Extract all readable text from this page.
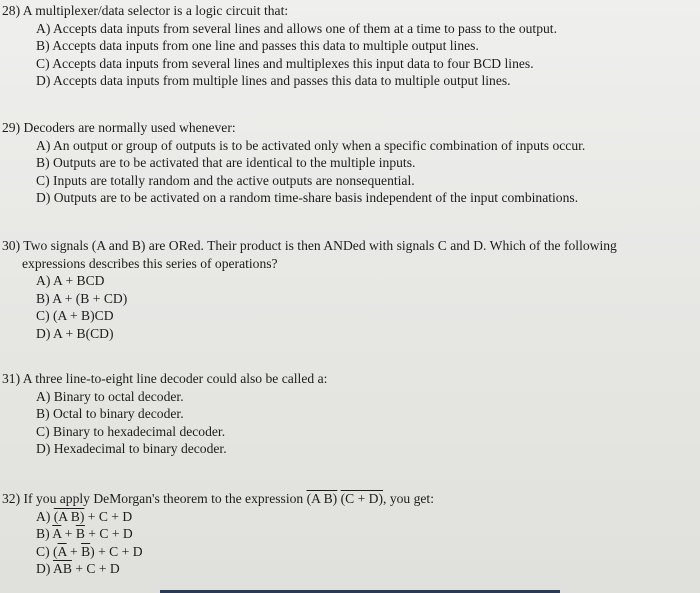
28) A multiplexer/data selector is a logic circuit that:
A) Accepts data inputs from several lines and allows one of them at a time to pass to the output.
B) Accepts data inputs from one line and passes this data to multiple output lines.
C) Accepts data inputs from several lines and multiplexes this input data to four BCD lines.
D) Accepts data inputs from multiple lines and passes this data to multiple output lines.
29) Decoders are normally used whenever:
A) An output or group of outputs is to be activated only when a specific combination of inputs occur.
B) Outputs are to be activated that are identical to the multiple inputs.
C) Inputs are totally random and the active outputs are nonsequential.
D) Outputs are to be activated on a random time-share basis independent of the input combinations.
30) Two signals (A and B) are ORed. Their product is then ANDed with signals C and D. Which of the following
expressions describes this series of operations?
A) A + BCD
B) A + (B + CD)
C) (A + B)CD
D) A + B(CD)
31) A three line-to-eight line decoder could also be called a:
A) Binary to octal decoder.
B) Octal to binary decoder.
C) Binary to hexadecimal decoder.
D) Hexadecimal to binary decoder.
32) If you apply DeMorgan's theorem to the expression (A B) (C + D), you get:
A) (A B) + C + D
B) $\overline{A} + \overline{B} + C + D$
C) $(\overline{A} + \overline{B}) + C + D$
D) $\overline{AB} + C + D$
